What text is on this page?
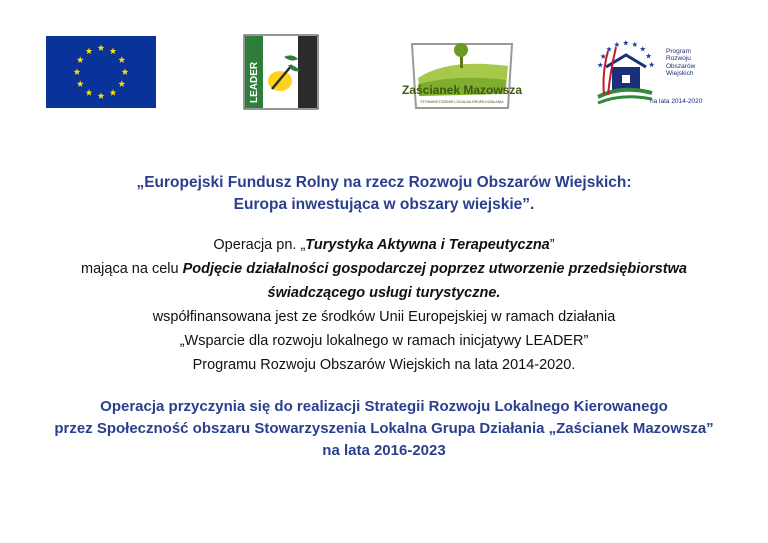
LEADER	Zaścianek Mazowsza
STOWARZYSZENIE LOKALNA GRUPA DZIAŁANIA
Program
Rozwoju
Obszarów
Wiejskich
na lata 2014-2020
„Europejski Fundusz Rolny na rzecz Rozwoju Obszarów Wiejskich:
Europa inwestująca w obszary wiejskie”.
Operacja pn. „Turystyka Aktywna i Terapeutyczna”
mająca na celu Podjęcie działalności gospodarczej poprzez utworzenie przedsiębiorstwa
świadczącego usługi turystyczne.
współfinansowana jest ze środków Unii Europejskiej w ramach działania
„Wsparcie dla rozwoju lokalnego w ramach inicjatywy LEADER”
Programu Rozwoju Obszarów Wiejskich na lata 2014-2020.
Operacja przyczynia się do realizacji Strategii Rozwoju Lokalnego Kierowanego
przez Społeczność obszaru Stowarzyszenia Lokalna Grupa Działania „Zaścianek Mazowsza”
na lata 2016-2023
